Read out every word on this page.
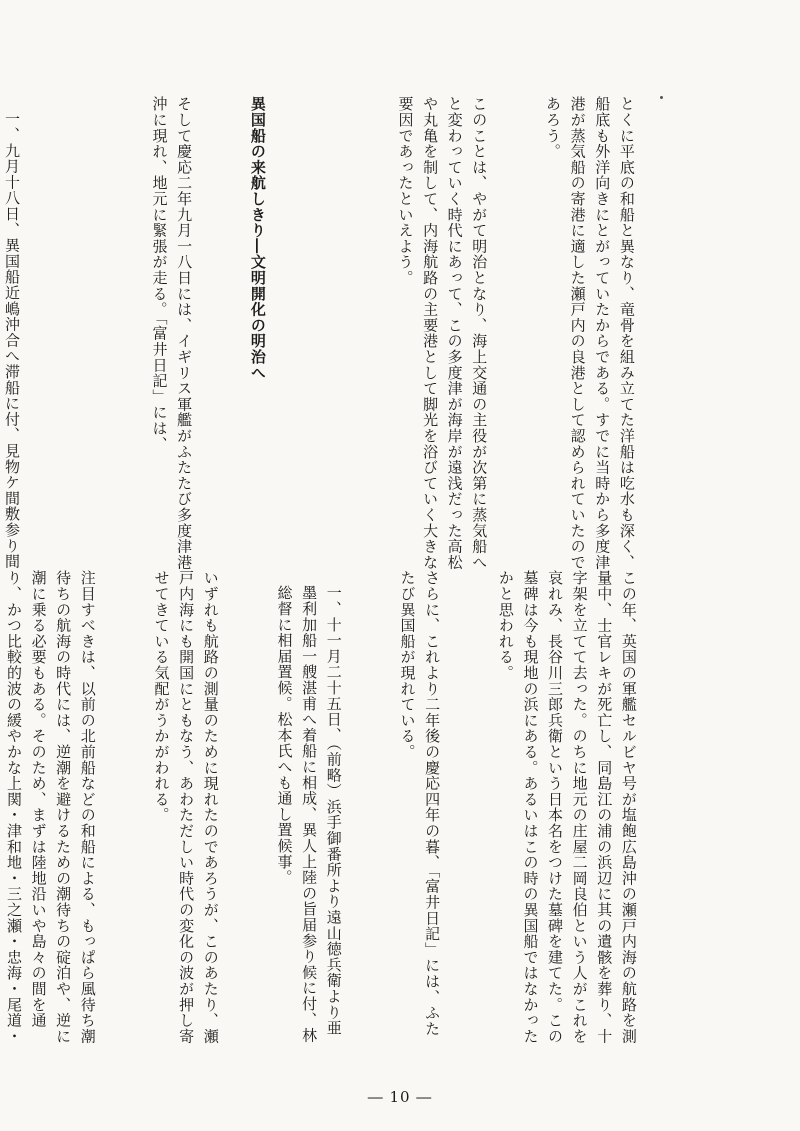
とくに平底の和船と異なり、竜骨を組み立てた洋船は吃水も深く、船底も外洋向きにとがっていたからである。すでに当時から多度津港が蒸気船の寄港に適した瀬戸内の良港として認められていたのであろう。

このことは、やがて明治となり、海上交通の主役が次第に蒸気船へと変わっていく時代にあって、この多度津が海岸が遠浅だった高松や丸亀を制して、内海航路の主要港として脚光を浴びていく大きな要因であったといえよう。

異国船の来航しきり―文明開化の明治へ

そして慶応二年九月一八日には、イギリス軍艦がふたたび多度津港沖に現れ、地元に緊張が走る。「富井日記」には、

一、九月十八日、異国船近嶋沖合へ滞船に付、見物ケ間敷参り間

この年、英国の軍艦セルビヤ号が塩飽広島沖の瀬戸内海の航路を測量中、士官レキが死亡し、同島江の浦の浜辺に其の遺骸を葬り、十字架を立てて去った。のちに地元の庄屋二岡良伯という人がこれを哀れみ、長谷川三郎兵衛という日本名をつけた墓碑を建てた。この墓碑は今も現地の浜にある。あるいはこの時の異国船ではなかったかと思われる。

さらに、これより二年後の慶応四年の暮、「富井日記」には、ふたたび異国船が現れている。

一、十一月二十五日、（前略）浜手御番所より遠山徳兵衛より亜墨利加船一艘湛甫へ着船に相成、異人上陸の旨届参り候に付、林総督に相届置候。松本氏へも通し置候事。

いずれも航路の測量のために現れたのであろうが、このあたり、瀬戸内海にも開国にともなう、あわただしい時代の変化の波が押し寄せてきている気配がうかがわれる。

注目すべきは、以前の北前船などの和船による、もっぱら風待ち潮待ちの航海の時代には、逆潮を避けるための潮待ちの碇泊や、逆に潮に乗る必要もある。そのため、まずは陸地沿いや島々の間を通り、かつ比較的波の緩やかな上関・津和地・三之瀬・忠海・尾道・

― 10 ―
